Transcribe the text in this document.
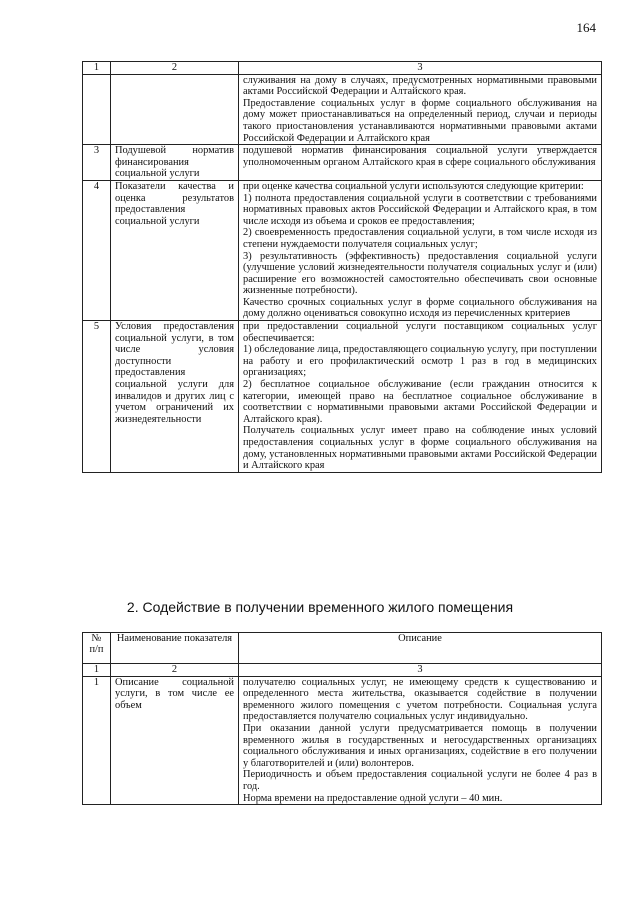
164
1	2	3

		служивания на дому в случаях, предусмотренных нормативными правовыми актами Российской Федерации и Алтайского края.

Предоставление социальных услуг в форме социального обслуживания на дому может приостанавливаться на определенный период, случаи и периоды такого приостановления устанавливаются нормативными правовыми актами Российской Федерации и Алтайского края

3	Подушевой норматив финансирования социальной услуги	подушевой норматив финансирования социальной услуги утверждается уполномоченным органом Алтайского края в сфере социального обслуживания

4	Показатели качества и оценка результатов предоставления социальной услуги	при оценке качества социальной услуги используются следующие критерии:

1) полнота предоставления социальной услуги в соответствии с требованиями нормативных правовых актов Российской Федерации и Алтайского края, в том числе исходя из объема и сроков ее предоставления;

2) своевременность предоставления социальной услуги, в том числе исходя из степени нуждаемости получателя социальных услуг;

3) результативность (эффективность) предоставления социальной услуги (улучшение условий жизнедеятельности получателя социальных услуг и (или) расширение его возможностей самостоятельно обеспечивать свои основные жизненные потребности).

Качество срочных социальных услуг в форме социального обслуживания на дому должно оцениваться совокупно исходя из перечисленных критериев

5	Условия предоставления социальной услуги, в том числе условия доступности предоставления социальной услуги для инвалидов и других лиц с учетом ограничений их жизнедеятельности	при предоставлении социальной услуги поставщиком социальных услуг обеспечивается:

1) обследование лица, предоставляющего социальную услугу, при поступлении на работу и его профилактический осмотр 1 раз в год в медицинских организациях;

2) бесплатное социальное обслуживание (если гражданин относится к категории, имеющей право на бесплатное социальное обслуживание в соответствии с нормативными правовыми актами Российской Федерации и Алтайского края).

Получатель социальных услуг имеет право на соблюдение иных условий предоставления социальных услуг в форме социального обслуживания на дому, установленных нормативными правовыми актами Российской Федерации и Алтайского края

2. Содействие в получении временного жилого помещения
№ п/п	Наименование показателя	Описание
1	2	3
1	Описание социальной услуги, в том числе ее объем	получателю социальных услуг, не имеющему средств к существованию и определенного места жительства, оказывается содействие в получении временного жилого помещения с учетом потребности. Социальная услуга предоставляется получателю социальных услуг индивидуально.

При оказании данной услуги предусматривается помощь в получении временного жилья в государственных и негосударственных организациях социального обслуживания и иных организациях, содействие в его получении у благотворителей и (или) волонтеров.

Периодичность и объем предоставления социальной услуги не более 4 раз в год.

Норма времени на предоставление одной услуги – 40 мин.
